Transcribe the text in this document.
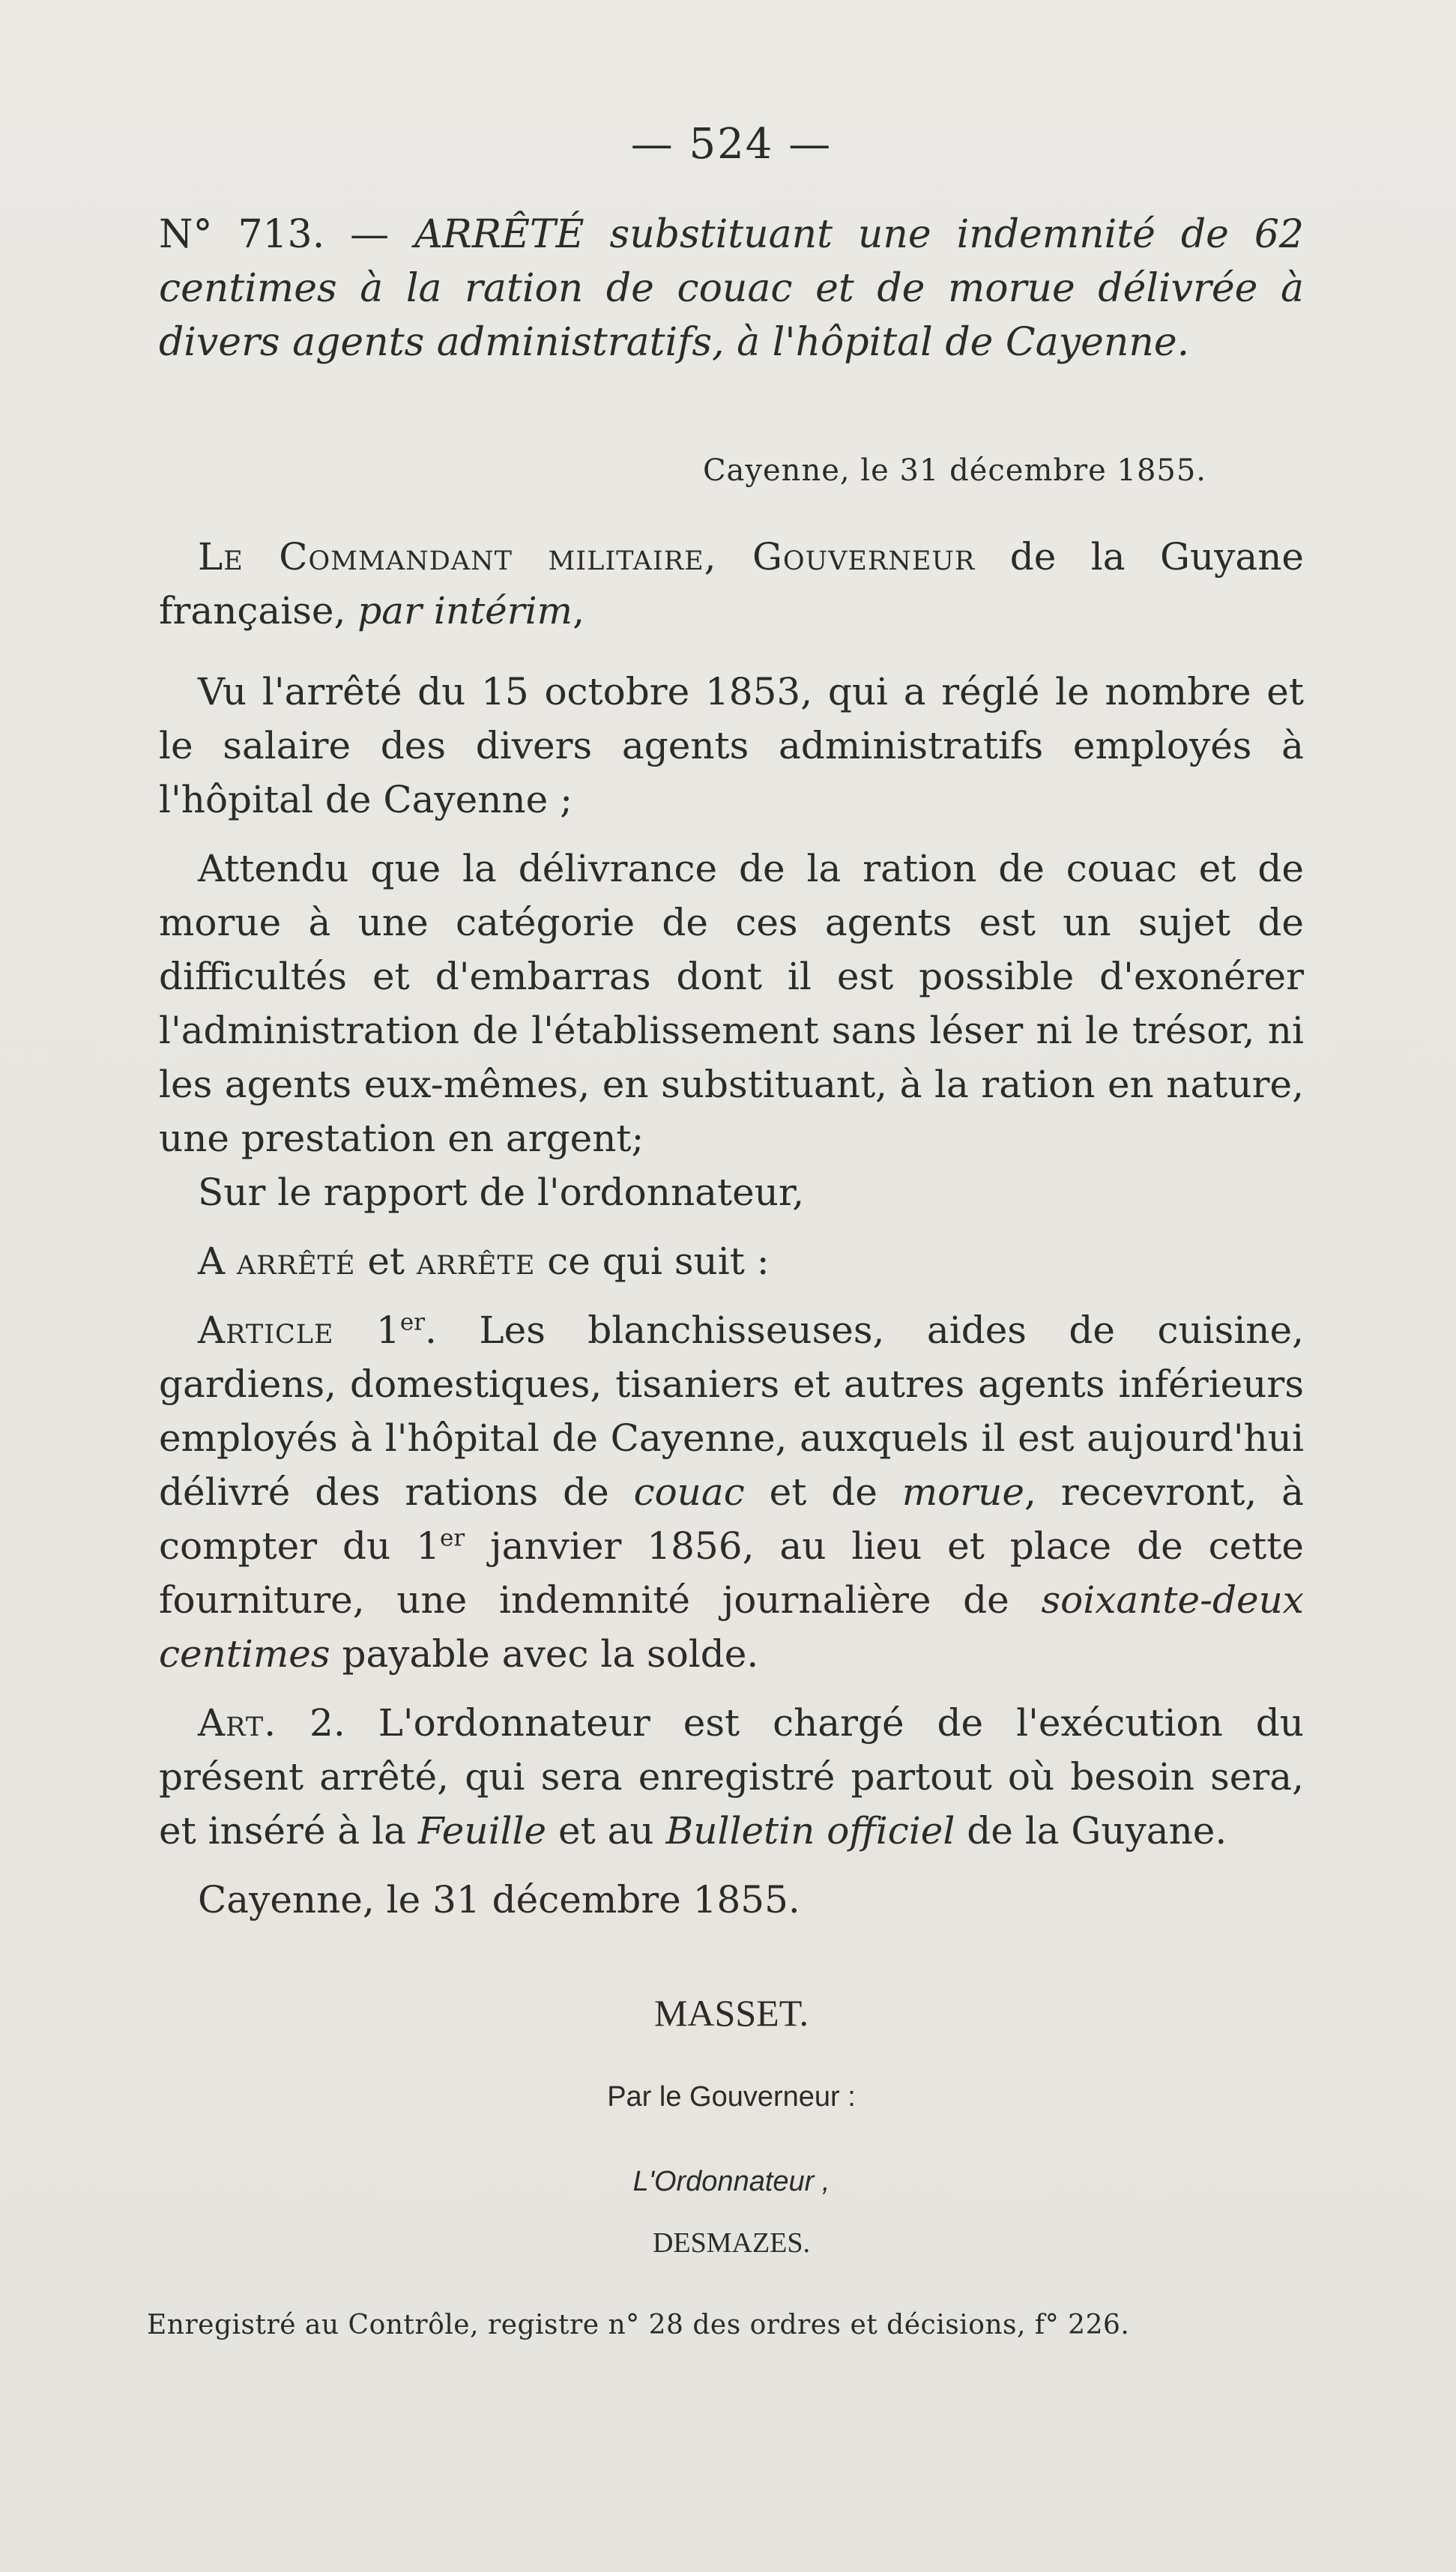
— 524 —
N° 713. — ARRÊTÉ substituant une indemnité de 62 centimes à la ration de couac et de morue délivrée à divers agents administratifs, à l'hôpital de Cayenne.
Cayenne, le 31 décembre 1855.

Le Commandant militaire, Gouverneur de la Guyane française, par intérim,

Vu l'arrêté du 15 octobre 1853, qui a réglé le nombre et le salaire des divers agents administratifs employés à l'hôpital de Cayenne ;

Attendu que la délivrance de la ration de couac et de morue à une catégorie de ces agents est un sujet de difficultés et d'embarras dont il est possible d'exonérer l'administration de l'établissement sans léser ni le trésor, ni les agents eux-mêmes, en substituant, à la ration en nature, une prestation en argent;

Sur le rapport de l'ordonnateur,

A arrêté et arrête ce qui suit :

Article 1er. Les blanchisseuses, aides de cuisine, gardiens, domestiques, tisaniers et autres agents inférieurs employés à l'hôpital de Cayenne, auxquels il est aujourd'hui délivré des rations de couac et de morue, recevront, à compter du 1er janvier 1856, au lieu et place de cette fourniture, une indemnité journalière de soixante-deux centimes payable avec la solde.

Art. 2. L'ordonnateur est chargé de l'exécution du présent arrêté, qui sera enregistré partout où besoin sera, et inséré à la Feuille et au Bulletin officiel de la Guyane.

Cayenne, le 31 décembre 1855.

MASSET.
Par le Gouverneur :
L'Ordonnateur ,
DESMAZES.
Enregistré au Contrôle, registre n° 28 des ordres et décisions, f° 226.
